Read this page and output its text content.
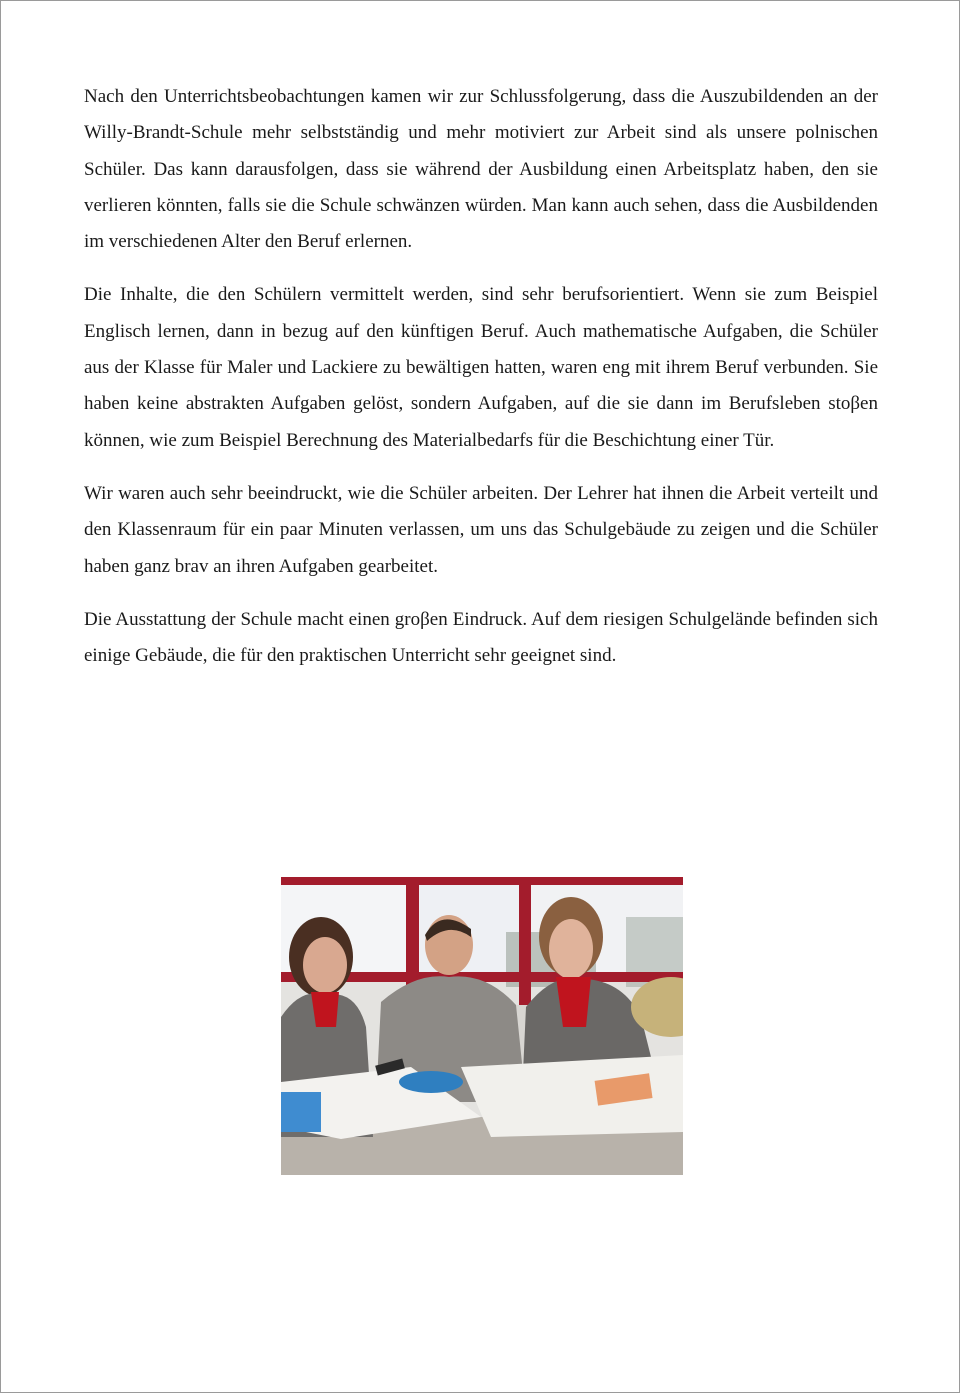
Nach den Unterrichtsbeobachtungen kamen wir zur Schlussfolgerung, dass die Auszubildenden an der Willy-Brandt-Schule mehr selbstständig und mehr motiviert zur Arbeit sind als unsere polnischen Schüler. Das kann darausfolgen, dass sie während der Ausbildung einen Arbeitsplatz haben, den sie verlieren könnten, falls sie die Schule schwänzen würden. Man kann auch sehen, dass die Ausbildenden im verschiedenen Alter den Beruf erlernen.

Die Inhalte, die den Schülern vermittelt werden, sind sehr berufsorientiert. Wenn sie zum Beispiel Englisch lernen, dann in bezug auf den künftigen Beruf. Auch mathematische Aufgaben, die Schüler aus der Klasse für Maler und Lackiere zu bewältigen hatten, waren eng mit ihrem Beruf verbunden. Sie haben keine abstrakten Aufgaben gelöst, sondern Aufgaben, auf die sie dann im Berufsleben stoβen können, wie zum Beispiel Berechnung des Materialbedarfs für die Beschichtung einer Tür.

Wir waren auch sehr beeindruckt, wie die Schüler arbeiten. Der Lehrer hat ihnen die Arbeit verteilt und den Klassenraum für ein paar Minuten verlassen, um uns das Schulgebäude zu zeigen und die Schüler haben ganz brav an ihren Aufgaben gearbeitet.

Die Ausstattung der Schule macht einen groβen Eindruck. Auf dem riesigen Schulgelände befinden sich einige Gebäude, die für den praktischen Unterricht sehr geeignet sind.
